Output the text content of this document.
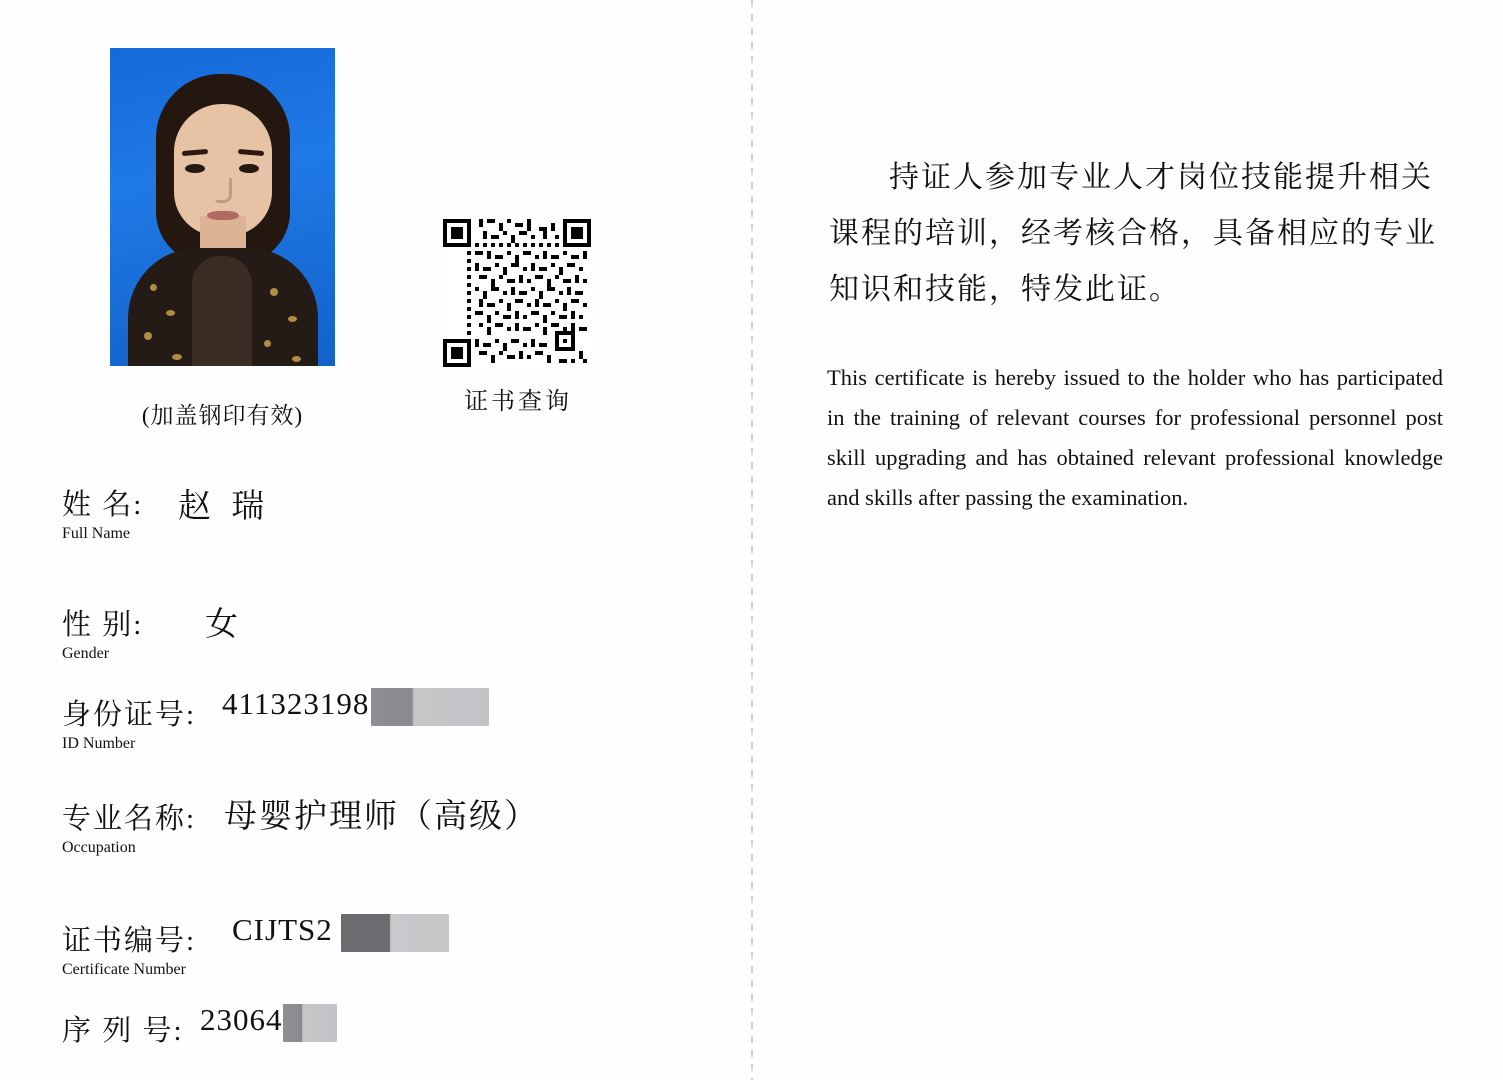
(加盖钢印有效)
证书查询
姓 名:
Full Name
赵 瑞
性 别:
Gender
女
身份证号:
ID Number
411323198
专业名称:
Occupation
母婴护理师（高级）
证书编号:
Certificate Number
CIJTS2
序 列 号: 23064
持证人参加专业人才岗位技能提升相关课程的培训，经考核合格，具备相应的专业知识和技能，特发此证。
This certificate is hereby issued to the holder who has participated in the training of relevant courses for professional personnel post skill upgrading and has obtained relevant professional knowledge and skills after passing the examination.
